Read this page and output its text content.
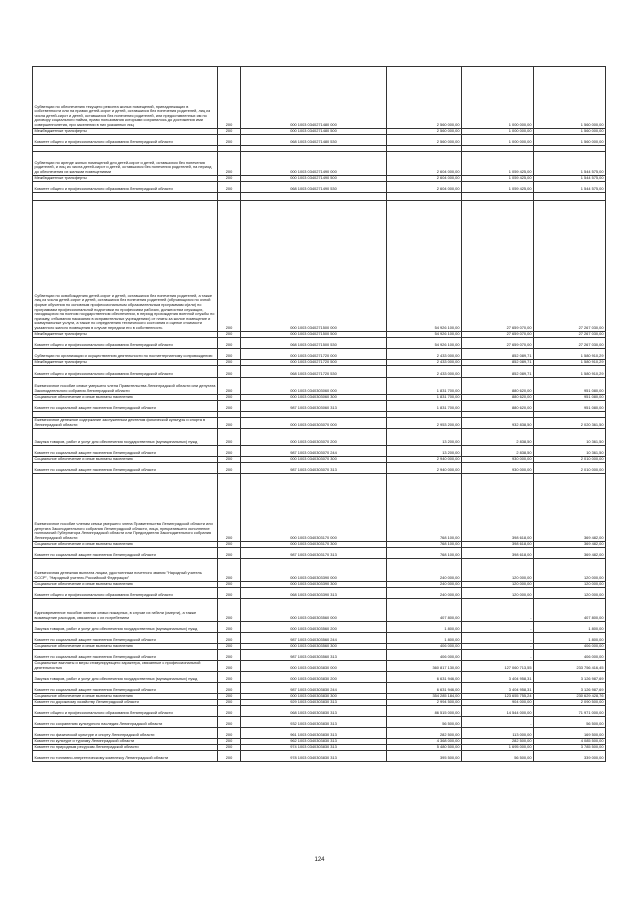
Субвенции по обеспечению текущего ремонта жилых помещений, принадлежащих в собственности или на правах детей-сирот и детей, оставшихся без попечения родителей, лиц из числа детей-сирот и детей, оставшихся без попечения родителей, или предоставленных им по договору социального найма, право пользования которыми сохранилось до достижения ими совершеннолетия, при заселении в них указанных лиц	200	000 1003 0340271480 000	2 560 000,00	1 000 000,00	1 560 000,00
Межбюджетные трансферты	200	000 1003 0340271480 500	2 560 000,00	1 000 000,00	1 560 000,00
Комитет общего и профессионального образования Ленинградской области	200	068 1003 0340271480 530	2 560 000,00	1 000 000,00	1 560 000,00

Субвенции по аренде жилых помещений для детей-сирот и детей, оставшихся без попечения родителей, и лиц из числа детей-сирот и детей, оставшихся без попечения родителей, на период до обеспечения их жилыми помещениями	200	000 1003 0340271490 000	2 604 000,00	1 059 425,00	1 544 575,00
Межбюджетные трансферты	200	000 1003 0340271490 500	2 604 000,00	1 059 425,00	1 544 575,00
Комитет общего и профессионального образования Ленинградской области	200	068 1003 0340271490 530	2 604 000,00	1 059 425,00	1 544 575,00

Субвенции по освобождению детей-сирот и детей, оставшихся без попечения родителей, а также лиц из числа детей-сирот и детей, оставшихся без попечения родителей (обучающихся по очной форме обучения по основным профессиональным образовательным программам и(или) по программам профессиональной подготовки по профессиям рабочих, должностям служащих, находящихся на полном государственном обеспечении, в период прохождения военной службы по призыву, отбывания наказания в исправительных учреждениях) от платы за жилое помещение и коммунальные услуги, а также по определению технического состояния и оценке стоимости указанного жилого помещения в случае передачи его в собственность	200	000 1003 0340271500 000	54 926 100,00	27 659 070,00	27 267 030,00
Межбюджетные трансферты	200	000 1003 0340271500 500	54 926 100,00	27 659 070,00	27 267 030,00
Комитет общего и профессионального образования Ленинградской области	200	068 1003 0340271500 530	54 926 100,00	27 659 070,00	27 267 030,00
Субвенции по организации и осуществлению деятельности по постинтернатному сопровождению	200	000 1003 0340271720 000	2 433 000,00	852 089,71	1 580 910,29
Межбюджетные трансферты	200	000 1003 0340271720 500	2 433 000,00	852 089,71	1 580 910,29
Комитет общего и профессионального образования Ленинградской области	200	068 1003 0340271720 530	2 433 000,00	852 089,71	1 580 910,29
Ежемесячное пособие семье умершего члена Правительства Ленинградской области или депутата Законодательного собрания Ленинградской области	200	000 1003 0340303060 000	1 831 700,00	880 620,00	951 080,00
Социальное обеспечение и иные выплаты населению	200	000 1003 0340303060 300	1 831 700,00	880 620,00	951 080,00
Комитет по социальной защите населения Ленинградской области	200	987 1003 0340303060 313	1 831 700,00	880 620,00	951 080,00

Ежемесячное денежное содержание заслуженным деятелям физической культуры и спорта в Ленинградской области	200	000 1003 0340303070 000	2 953 200,00	932 838,50	2 020 361,50
Закупка товаров, работ и услуг для обеспечения государственных (муниципальных) нужд	200	000 1003 0340303070 200	13 200,00	2 838,50	10 361,50
Комитет по социальной защите населения Ленинградской области	200	987 1003 0340303070 244	13 200,00	2 838,50	10 361,50
Социальное обеспечение и иные выплаты населению	200	000 1003 0340303070 300	2 940 000,00	930 000,00	2 010 000,00
Комитет по социальной защите населения Ленинградской области	200	987 1003 0340303070 313	2 940 000,00	930 000,00	2 010 000,00
Ежемесячное пособие членам семьи умершего члена Правительства Ленинградской области или депутата Законодательного собрания Ленинградской области, лица, прекратившего исполнение полномочий Губернатора Ленинградской области или Председателя Законодательного собрания Ленинградской области	200	000 1003 0340303170 000	768 100,00	398 618,00	369 482,00
Социальное обеспечение и иные выплаты населению	200	000 1003 0340303170 300	768 100,00	398 618,00	369 482,00
Комитет по социальной защите населения Ленинградской области	200	987 1003 0340303170 313	768 100,00	398 618,00	369 482,00
Ежемесячная денежная выплата лицам, удостоенным почетного звания "Народный учитель СССР", "Народный учитель Российской Федерации"	200	000 1003 0340303390 000	240 000,00	120 000,00	120 000,00
Социальное обеспечение и иные выплаты населению	200	000 1003 0340303390 300	240 000,00	120 000,00	120 000,00
Комитет общего и профессионального образования Ленинградской области	200	068 1003 0340303390 313	240 000,00	120 000,00	120 000,00
Единовременное пособие членам семьи пожарных, в случае их гибели (смерти), а также возмещение расходов, связанных с их погребением	200	000 1003 0340303560 000	407 800,00	-	407 800,00
Закупка товаров, работ и услуг для обеспечения государственных (муниципальных) нужд	200	000 1003 0340303560 200	1 800,00	-	1 800,00
Комитет по социальной защите населения Ленинградской области	200	987 1003 0340303560 244	1 800,00	-	1 800,00
Социальное обеспечение и иные выплаты населению	200	000 1003 0340303560 300	406 000,00	-	406 000,00
Комитет по социальной защите населения Ленинградской области	200	987 1003 0340303560 313	406 000,00	-	406 000,00
Социальные выплаты и меры стимулирующего характера, связанные с профессиональной деятельностью	200	000 1003 0340303830 000	360 817 130,00	127 060 713,55	233 756 416,45
Закупка товаров, работ и услуг для обеспечения государственных (муниципальных) нужд	200	000 1003 0340303830 200	6 631 946,00	3 404 958,31	3 126 987,69
Комитет по социальной защите населения Ленинградской области	200	987 1003 0340303830 244	6 631 946,00	3 404 958,31	3 126 987,69
Социальное обеспечение и иные выплаты населению	200	000 1003 0340303830 300	354 285 184,00	123 655 755,24	230 629 428,76
Комитет по дорожному хозяйству Ленинградской области	200	929 1003 0340303830 313	2 994 500,00	904 000,00	2 090 500,00
Комитет общего и профессионального образования Ленинградской области	200	068 1003 0340303830 313	86 515 000,00	14 544 000,00	71 971 000,00
Комитет по сохранению культурного наследия Ленинградской области	200	932 1003 0340303830 313	56 500,00	-	56 500,00
Комитет по физической культуре и спорту Ленинградской области	200	961 1003 0340303830 313	282 500,00	113 000,00	169 500,00
Комитет по культуре и туризму Ленинградской области	200	962 1003 0340303830 313	4 368 000,00	282 500,00	4 085 500,00
Комитет по природным ресурсам Ленинградской области	200	974 1003 0340303830 313	5 480 500,00	1 695 000,00	3 785 500,00
Комитет по топливно-энергетическому комплексу Ленинградской области	200	978 1003 0340303830 313	395 500,00	56 500,00	339 000,00
124
